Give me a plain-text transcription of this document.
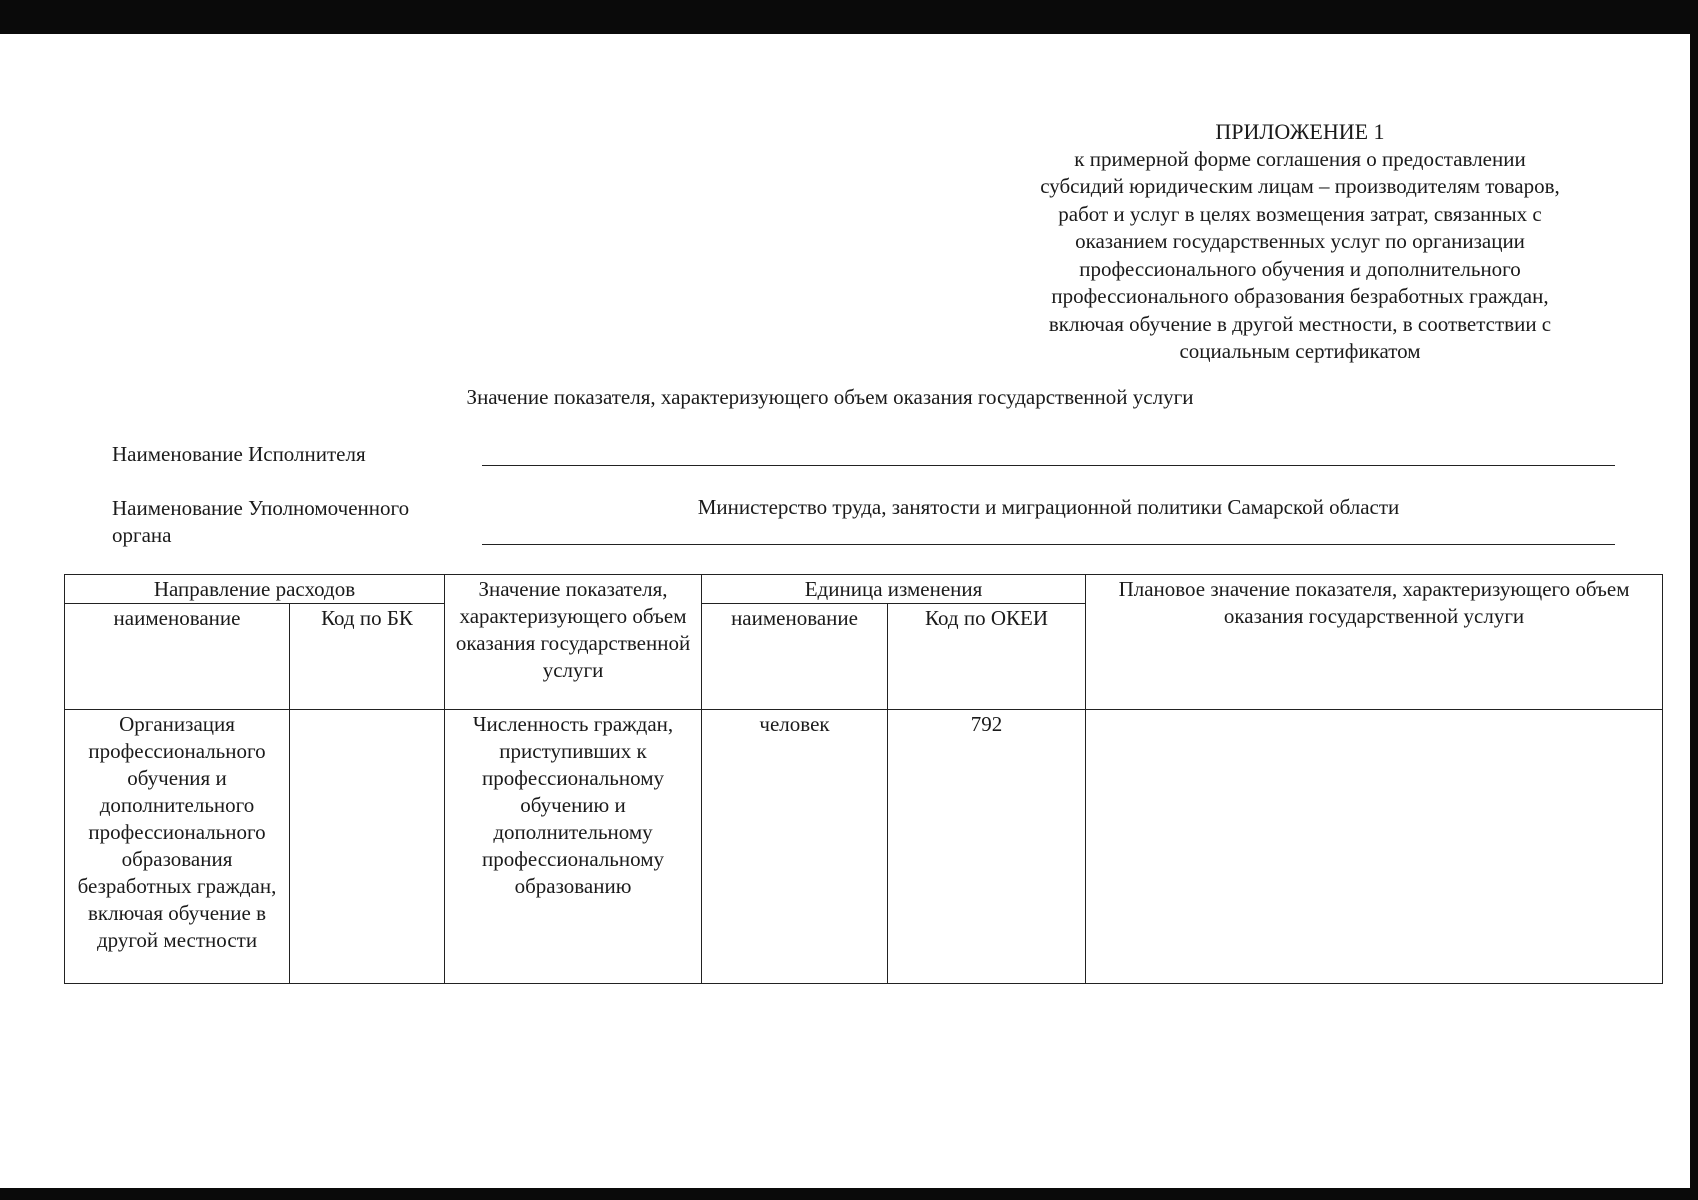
ПРИЛОЖЕНИЕ 1
к примерной форме соглашения о предоставлении
субсидий юридическим лицам – производителям товаров,
работ и услуг в целях возмещения затрат, связанных с
оказанием государственных услуг по организации
профессионального обучения и дополнительного
профессионального образования безработных граждан,
включая обучение в другой местности, в соответствии с
социальным сертификатом
Значение показателя, характеризующего объем оказания государственной услуги
Наименование Исполнителя
Наименование Уполномоченного органа
Министерство труда, занятости и миграционной политики Самарской области
Направление расходов		Значение показателя, характеризующего объем оказания государственной услуги	Единица изменения		Плановое значение показателя, характеризующего объем оказания государственной услуги
наименование	Код по БК		наименование	Код по ОКЕИ	
Организация профессионального обучения и дополнительного профессионального образования безработных граждан, включая обучение в другой местности		Численность граждан, приступивших к профессиональному обучению и дополнительному профессиональному образованию	человек	792	
